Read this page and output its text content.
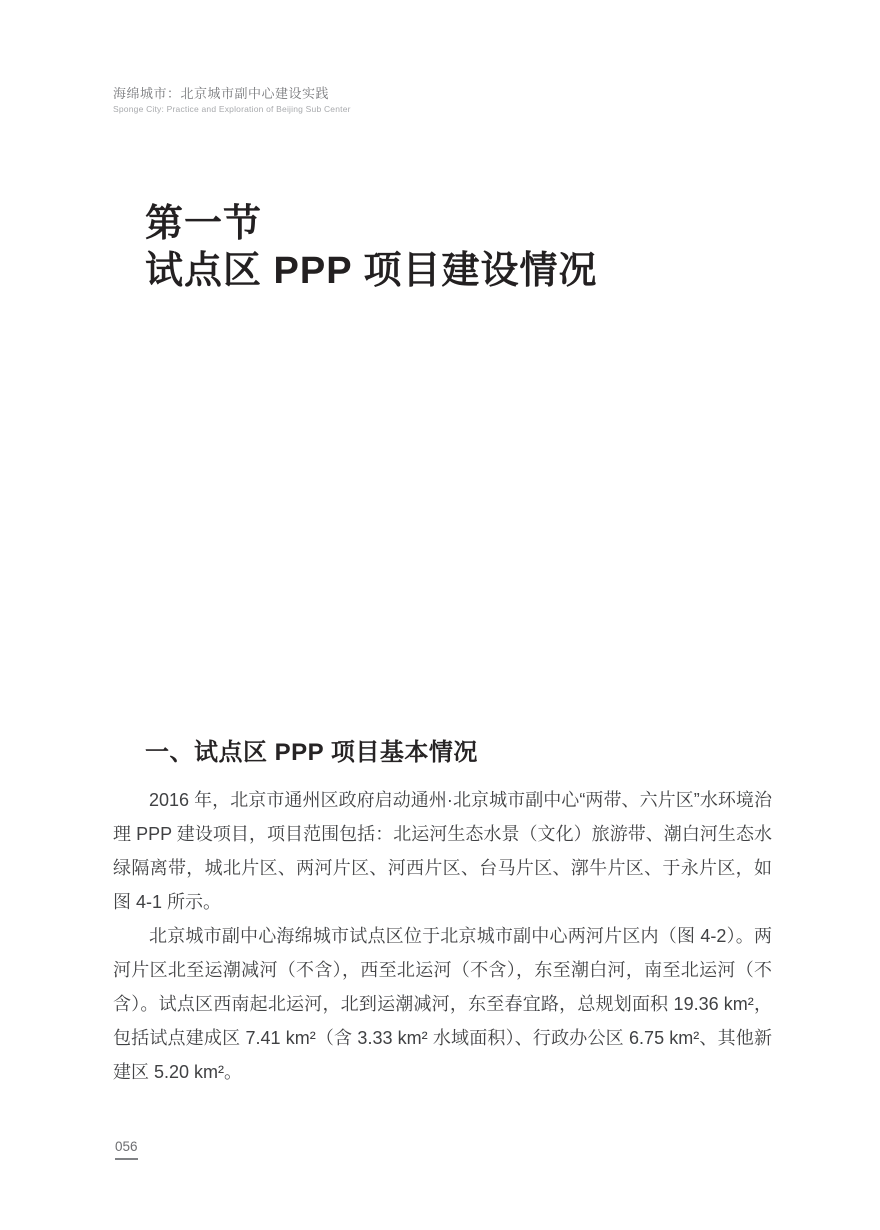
海绵城市：北京城市副中心建设实践
Sponge City: Practice and Exploration of Beijing Sub Center
第一节
试点区 PPP 项目建设情况
一、试点区 PPP 项目基本情况

2016 年，北京市通州区政府启动通州·北京城市副中心“两带、六片区”水环境治理 PPP 建设项目，项目范围包括：北运河生态水景（文化）旅游带、潮白河生态水绿隔离带，城北片区、两河片区、河西片区、台马片区、漷牛片区、于永片区，如图 4-1 所示。

北京城市副中心海绵城市试点区位于北京城市副中心两河片区内（图 4-2）。两河片区北至运潮减河（不含），西至北运河（不含），东至潮白河，南至北运河（不含）。试点区西南起北运河，北到运潮减河，东至春宜路，总规划面积 19.36 km²，包括试点建成区 7.41 km²（含 3.33 km² 水域面积）、行政办公区 6.75 km²、其他新建区 5.20 km²。

056
